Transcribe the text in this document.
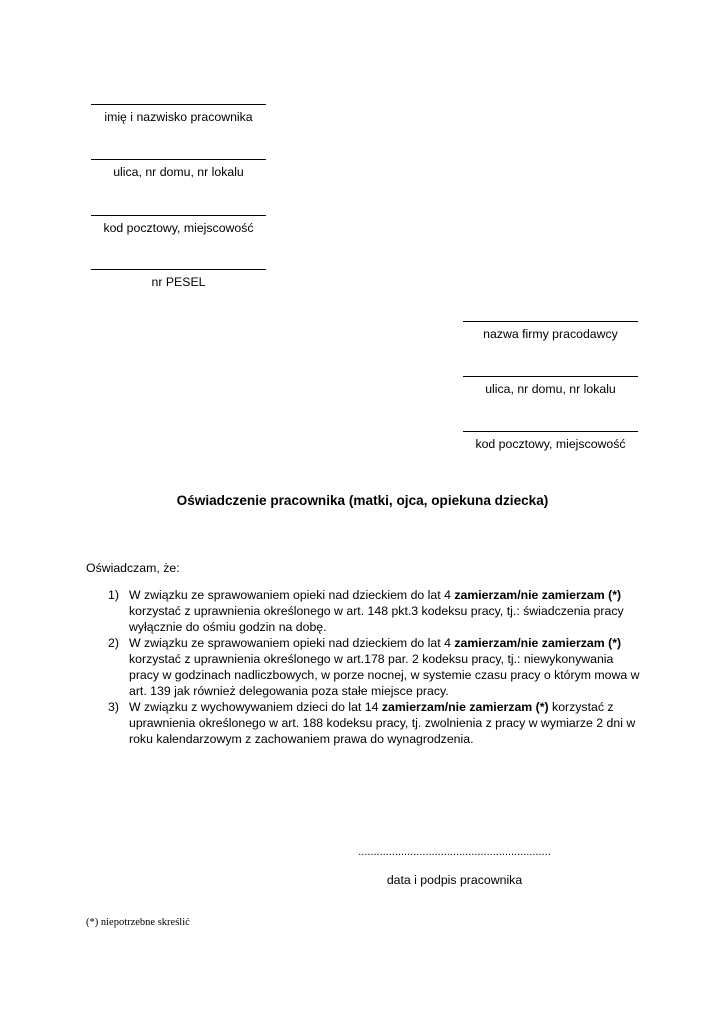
imię i nazwisko pracownika
ulica, nr domu, nr lokalu
kod pocztowy, miejscowość
nr PESEL
nazwa firmy pracodawcy
ulica, nr domu, nr lokalu
kod pocztowy, miejscowość
Oświadczenie pracownika (matki, ojca, opiekuna dziecka)
Oświadczam, że:
1) W związku ze sprawowaniem opieki nad dzieckiem do lat 4 zamierzam/nie zamierzam (*) korzystać z uprawnienia określonego w art. 148 pkt.3 kodeksu pracy, tj.: świadczenia pracy wyłącznie do ośmiu godzin na dobę.
2) W związku ze sprawowaniem opieki nad dzieckiem do lat 4 zamierzam/nie zamierzam (*) korzystać z uprawnienia określonego w art.178 par. 2 kodeksu pracy, tj.: niewykonywania pracy w godzinach nadliczbowych, w porze nocnej, w systemie czasu pracy o którym mowa w art. 139 jak również delegowania poza stałe miejsce pracy.
3) W związku z wychowywaniem dzieci do lat 14 zamierzam/nie zamierzam (*) korzystać z uprawnienia określonego w art. 188 kodeksu pracy, tj. zwolnienia z pracy w wymiarze 2 dni w roku kalendarzowym z zachowaniem prawa do wynagrodzenia.
...............................................................
data i podpis pracownika
(*) niepotrzebne skreślić
